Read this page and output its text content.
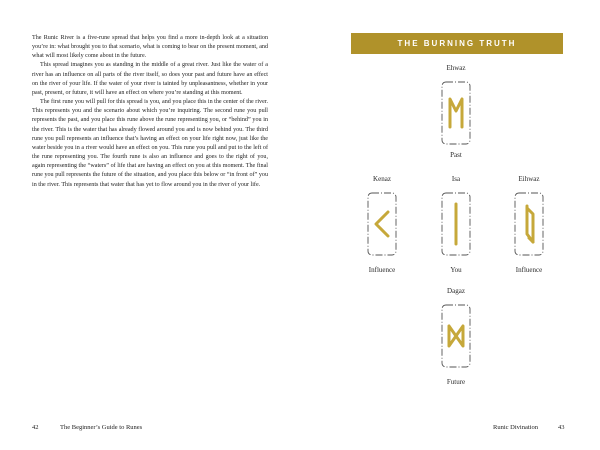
The Runic River is a five-rune spread that helps you find a more in-depth look at a situation you’re in: what brought you to that scenario, what is coming to bear on the present moment, and what will most likely come about in the future.

This spread imagines you as standing in the middle of a great river. Just like the water of a river has an influence on all parts of the river itself, so does your past and future have an effect on the river of your life. If the water of your river is tainted by unpleasantness, whether in your past, present, or future, it will have an effect on where you’re standing at this moment.

The first rune you will pull for this spread is you, and you place this in the center of the river. This represents you and the scenario about which you’re inquiring. The second rune you pull represents the past, and you place this rune above the rune representing you, or “behind” you in the river. This is the water that has already flowed around you and is now behind you. The third rune you pull represents an influence that’s having an effect on your life right now, just like the water beside you in a river would have an effect on you. This rune you pull and put to the left of the rune representing you. The fourth rune is also an influence and goes to the right of you, again representing the “waters” of life that are having an effect on you at this moment. The final rune you pull represents the future of the situation, and you place this below or “in front of” you in the river. This represents that water that has yet to flow around you in the river of your life.

42	The Beginner’s Guide to Runes
THE BURNING TRUTH
Ehwaz
Past
Kenaz
Influence
Isa
You
Eihwaz
Influence
Dagaz
Future
Runic Divination	43
